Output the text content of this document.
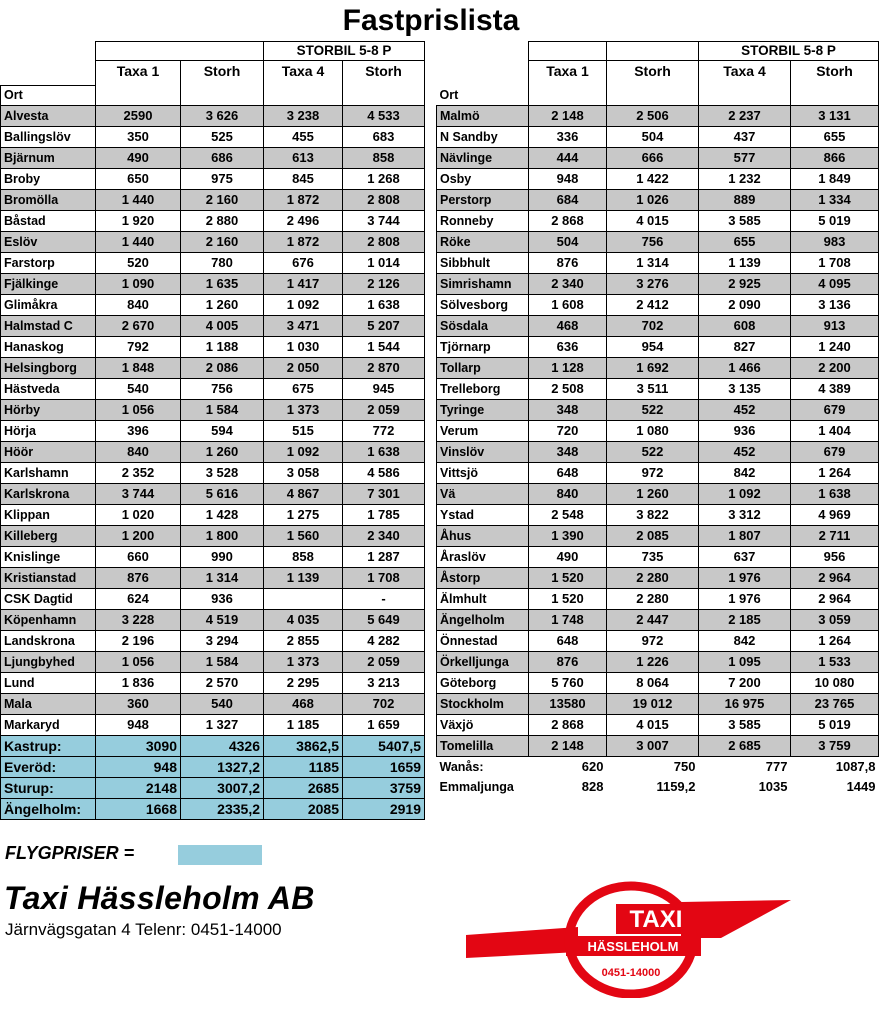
Fastprislista
			STORBIL 5-8 P	
	Taxa 1	Storh	Taxa 4	Storh
Ort				
Alvesta	2590	3 626	3 238	4 533
Ballingslöv	350	525	455	683
Bjärnum	490	686	613	858
Broby	650	975	845	1 268
Bromölla	1 440	2 160	1 872	2 808
Båstad	1 920	2 880	2 496	3 744
Eslöv	1 440	2 160	1 872	2 808
Farstorp	520	780	676	1 014
Fjälkinge	1 090	1 635	1 417	2 126
Glimåkra	840	1 260	1 092	1 638
Halmstad C	2 670	4 005	3 471	5 207
Hanaskog	792	1 188	1 030	1 544
Helsingborg	1 848	2 086	2 050	2 870
Hästveda	540	756	675	945
Hörby	1 056	1 584	1 373	2 059
Hörja	396	594	515	772
Höör	840	1 260	1 092	1 638
Karlshamn	2 352	3 528	3 058	4 586
Karlskrona	3 744	5 616	4 867	7 301
Klippan	1 020	1 428	1 275	1 785
Killeberg	1 200	1 800	1 560	2 340
Knislinge	660	990	858	1 287
Kristianstad	876	1 314	1 139	1 708
CSK Dagtid	624	936		-
Köpenhamn	3 228	4 519	4 035	5 649
Landskrona	2 196	3 294	2 855	4 282
Ljungbyhed	1 056	1 584	1 373	2 059
Lund	1 836	2 570	2 295	3 213
Mala	360	540	468	702
Markaryd	948	1 327	1 185	1 659
Kastrup:	3090	4326	3862,5	5407,5
Everöd:	948	1327,2	1185	1659
Sturup:	2148	3007,2	2685	3759
Ängelholm:	1668	2335,2	2085	2919
			STORBIL 5-8 P	
	Taxa 1	Storh	Taxa 4	Storh
Ort				
Malmö	2 148	2 506	2 237	3 131
N Sandby	336	504	437	655
Nävlinge	444	666	577	866
Osby	948	1 422	1 232	1 849
Perstorp	684	1 026	889	1 334
Ronneby	2 868	4 015	3 585	5 019
Röke	504	756	655	983
Sibbhult	876	1 314	1 139	1 708
Simrishamn	2 340	3 276	2 925	4 095
Sölvesborg	1 608	2 412	2 090	3 136
Sösdala	468	702	608	913
Tjörnarp	636	954	827	1 240
Tollarp	1 128	1 692	1 466	2 200
Trelleborg	2 508	3 511	3 135	4 389
Tyringe	348	522	452	679
Verum	720	1 080	936	1 404
Vinslöv	348	522	452	679
Vittsjö	648	972	842	1 264
Vä	840	1 260	1 092	1 638
Ystad	2 548	3 822	3 312	4 969
Åhus	1 390	2 085	1 807	2 711
Åraslöv	490	735	637	956
Åstorp	1 520	2 280	1 976	2 964
Älmhult	1 520	2 280	1 976	2 964
Ängelholm	1 748	2 447	2 185	3 059
Önnestad	648	972	842	1 264
Örkelljunga	876	1 226	1 095	1 533
Göteborg	5 760	8 064	7 200	10 080
Stockholm	13580	19 012	16 975	23 765
Växjö	2 868	4 015	3 585	5 019
Tomelilla	2 148	3 007	2 685	3 759
Wanås:	620	750	777	1087,8
Emmaljunga	828	1159,2	1035	1449
FLYGPRISER =
Taxi Hässleholm AB
Järnvägsgatan 4 Telenr: 0451-14000	TAXI
HÄSSLEHOLM
0451-14000
